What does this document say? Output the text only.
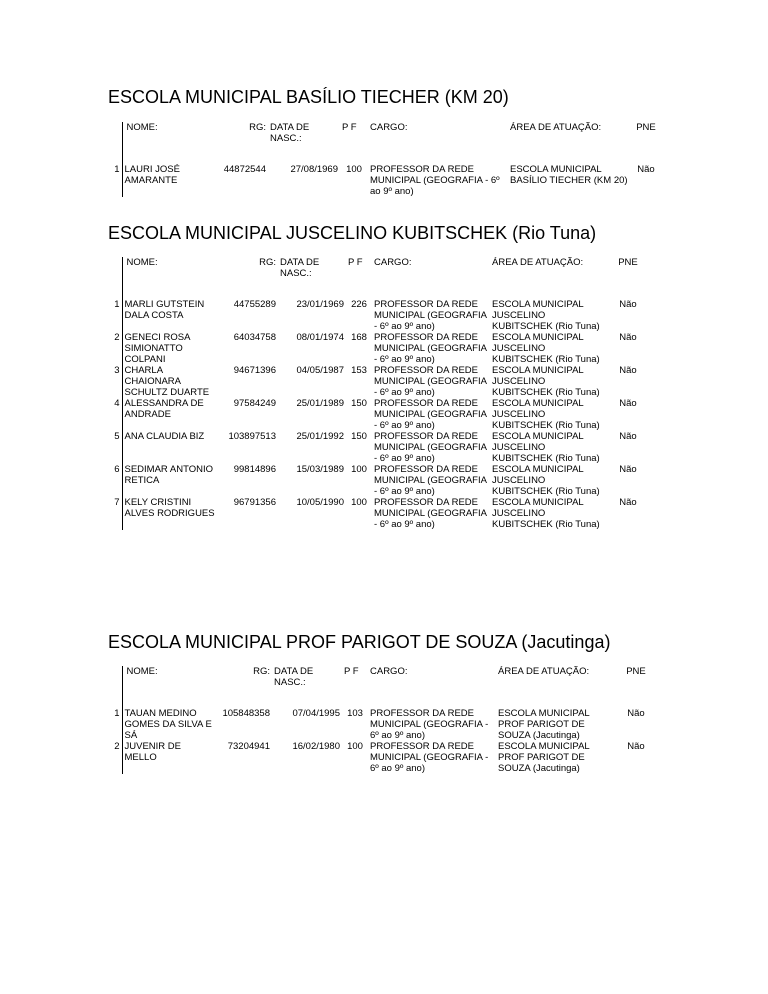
ESCOLA MUNICIPAL BASÍLIO TIECHER (KM 20)
	NOME:	RG:	DATA DE NASC.:	P F	CARGO:	ÁREA DE ATUAÇÃO:	PNE
1	LAURI JOSÉ AMARANTE	44872544	27/08/1969	100	PROFESSOR DA REDE MUNICIPAL (GEOGRAFIA - 6º ao 9º ano)	ESCOLA MUNICIPAL BASÍLIO TIECHER (KM 20)	Não
ESCOLA MUNICIPAL JUSCELINO KUBITSCHEK (Rio Tuna)
	NOME:	RG:	DATA DE NASC.:	P F	CARGO:	ÁREA DE ATUAÇÃO:	PNE
1	MARLI GUTSTEIN DALA COSTA	44755289	23/01/1969	226	PROFESSOR DA REDE MUNICIPAL (GEOGRAFIA - 6º ao 9º ano)	ESCOLA MUNICIPAL JUSCELINO KUBITSCHEK (Rio Tuna)	Não
2	GENECI ROSA SIMIONATTO COLPANI	64034758	08/01/1974	168	PROFESSOR DA REDE MUNICIPAL (GEOGRAFIA - 6º ao 9º ano)	ESCOLA MUNICIPAL JUSCELINO KUBITSCHEK (Rio Tuna)	Não
3	CHARLA CHAIONARA SCHULTZ DUARTE	94671396	04/05/1987	153	PROFESSOR DA REDE MUNICIPAL (GEOGRAFIA - 6º ao 9º ano)	ESCOLA MUNICIPAL JUSCELINO KUBITSCHEK (Rio Tuna)	Não
4	ALESSANDRA DE ANDRADE	97584249	25/01/1989	150	PROFESSOR DA REDE MUNICIPAL (GEOGRAFIA - 6º ao 9º ano)	ESCOLA MUNICIPAL JUSCELINO KUBITSCHEK (Rio Tuna)	Não
5	ANA CLAUDIA BIZ	103897513	25/01/1992	150	PROFESSOR DA REDE MUNICIPAL (GEOGRAFIA - 6º ao 9º ano)	ESCOLA MUNICIPAL JUSCELINO KUBITSCHEK (Rio Tuna)	Não
6	SEDIMAR ANTONIO RETICA	99814896	15/03/1989	100	PROFESSOR DA REDE MUNICIPAL (GEOGRAFIA - 6º ao 9º ano)	ESCOLA MUNICIPAL JUSCELINO KUBITSCHEK (Rio Tuna)	Não
7	KELY CRISTINI ALVES RODRIGUES	96791356	10/05/1990	100	PROFESSOR DA REDE MUNICIPAL (GEOGRAFIA - 6º ao 9º ano)	ESCOLA MUNICIPAL JUSCELINO KUBITSCHEK (Rio Tuna)	Não
ESCOLA MUNICIPAL PROF PARIGOT DE SOUZA (Jacutinga)
	NOME:	RG:	DATA DE NASC.:	P F	CARGO:	ÁREA DE ATUAÇÃO:	PNE
1	TAUAN MEDINO GOMES DA SILVA E SÁ	105848358	07/04/1995	103	PROFESSOR DA REDE MUNICIPAL (GEOGRAFIA - 6º ao 9º ano)	ESCOLA MUNICIPAL PROF PARIGOT DE SOUZA (Jacutinga)	Não
2	JUVENIR DE MELLO	73204941	16/02/1980	100	PROFESSOR DA REDE MUNICIPAL (GEOGRAFIA - 6º ao 9º ano)	ESCOLA MUNICIPAL PROF PARIGOT DE SOUZA (Jacutinga)	Não
